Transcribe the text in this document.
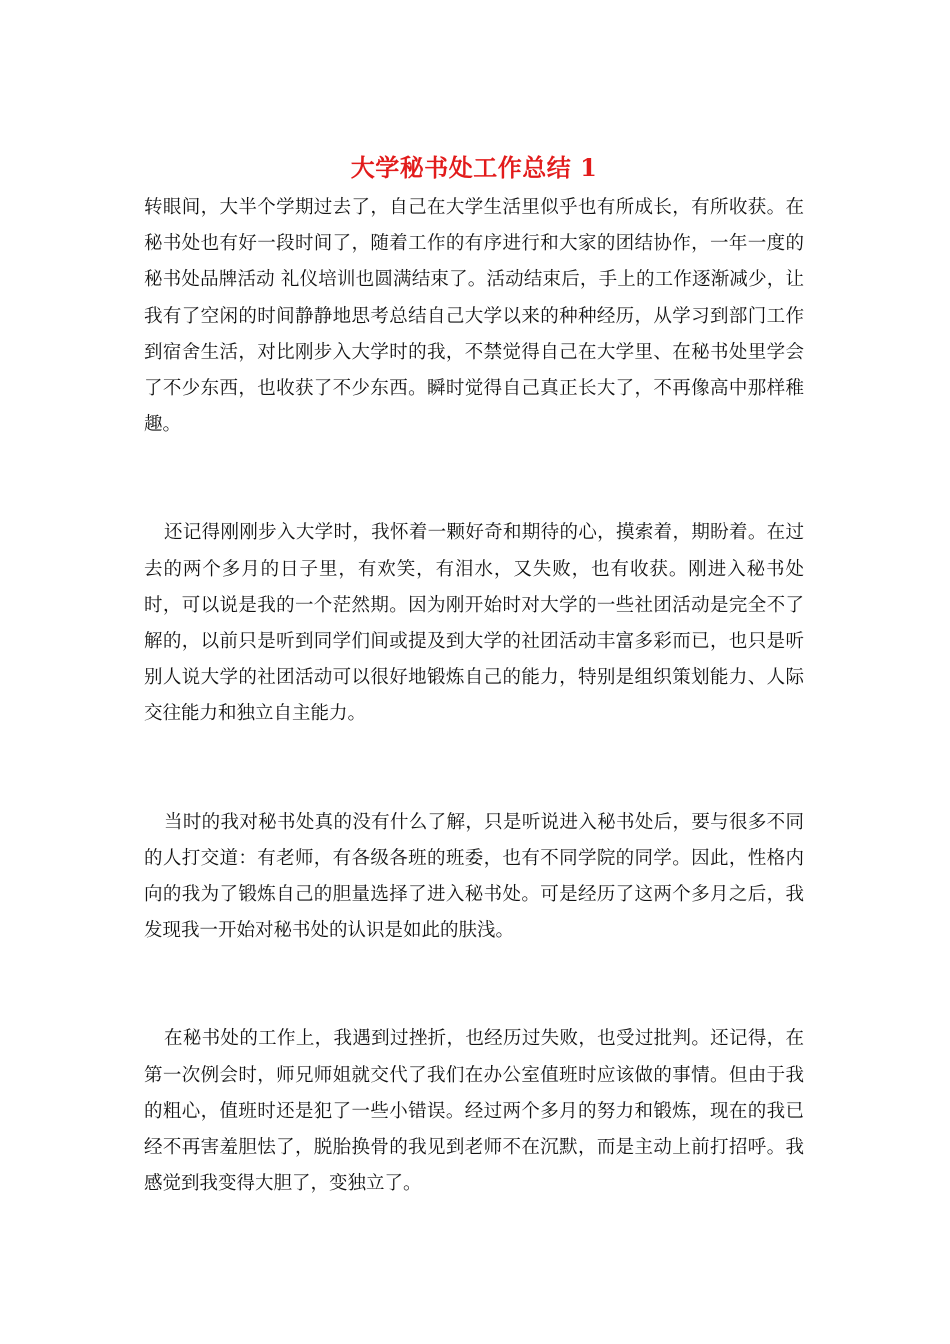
大学秘书处工作总结 1

转眼间，大半个学期过去了，自己在大学生活里似乎也有所成长，有所收获。在秘书处也有好一段时间了，随着工作的有序进行和大家的团结协作，一年一度的秘书处品牌活动 礼仪培训也圆满结束了。活动结束后，手上的工作逐渐减少，让我有了空闲的时间静静地思考总结自己大学以来的种种经历，从学习到部门工作到宿舍生活，对比刚步入大学时的我，不禁觉得自己在大学里、在秘书处里学会了不少东西，也收获了不少东西。瞬时觉得自己真正长大了，不再像高中那样稚趣。

还记得刚刚步入大学时，我怀着一颗好奇和期待的心，摸索着，期盼着。在过去的两个多月的日子里，有欢笑，有泪水，又失败，也有收获。刚进入秘书处时，可以说是我的一个茫然期。因为刚开始时对大学的一些社团活动是完全不了解的，以前只是听到同学们间或提及到大学的社团活动丰富多彩而已，也只是听别人说大学的社团活动可以很好地锻炼自己的能力，特别是组织策划能力、人际交往能力和独立自主能力。

当时的我对秘书处真的没有什么了解，只是听说进入秘书处后，要与很多不同的人打交道：有老师，有各级各班的班委，也有不同学院的同学。因此，性格内向的我为了锻炼自己的胆量选择了进入秘书处。可是经历了这两个多月之后，我发现我一开始对秘书处的认识是如此的肤浅。

在秘书处的工作上，我遇到过挫折，也经历过失败，也受过批判。还记得，在第一次例会时，师兄师姐就交代了我们在办公室值班时应该做的事情。但由于我的粗心，值班时还是犯了一些小错误。经过两个多月的努力和锻炼，现在的我已经不再害羞胆怯了，脱胎换骨的我见到老师不在沉默，而是主动上前打招呼。我感觉到我变得大胆了，变独立了。
